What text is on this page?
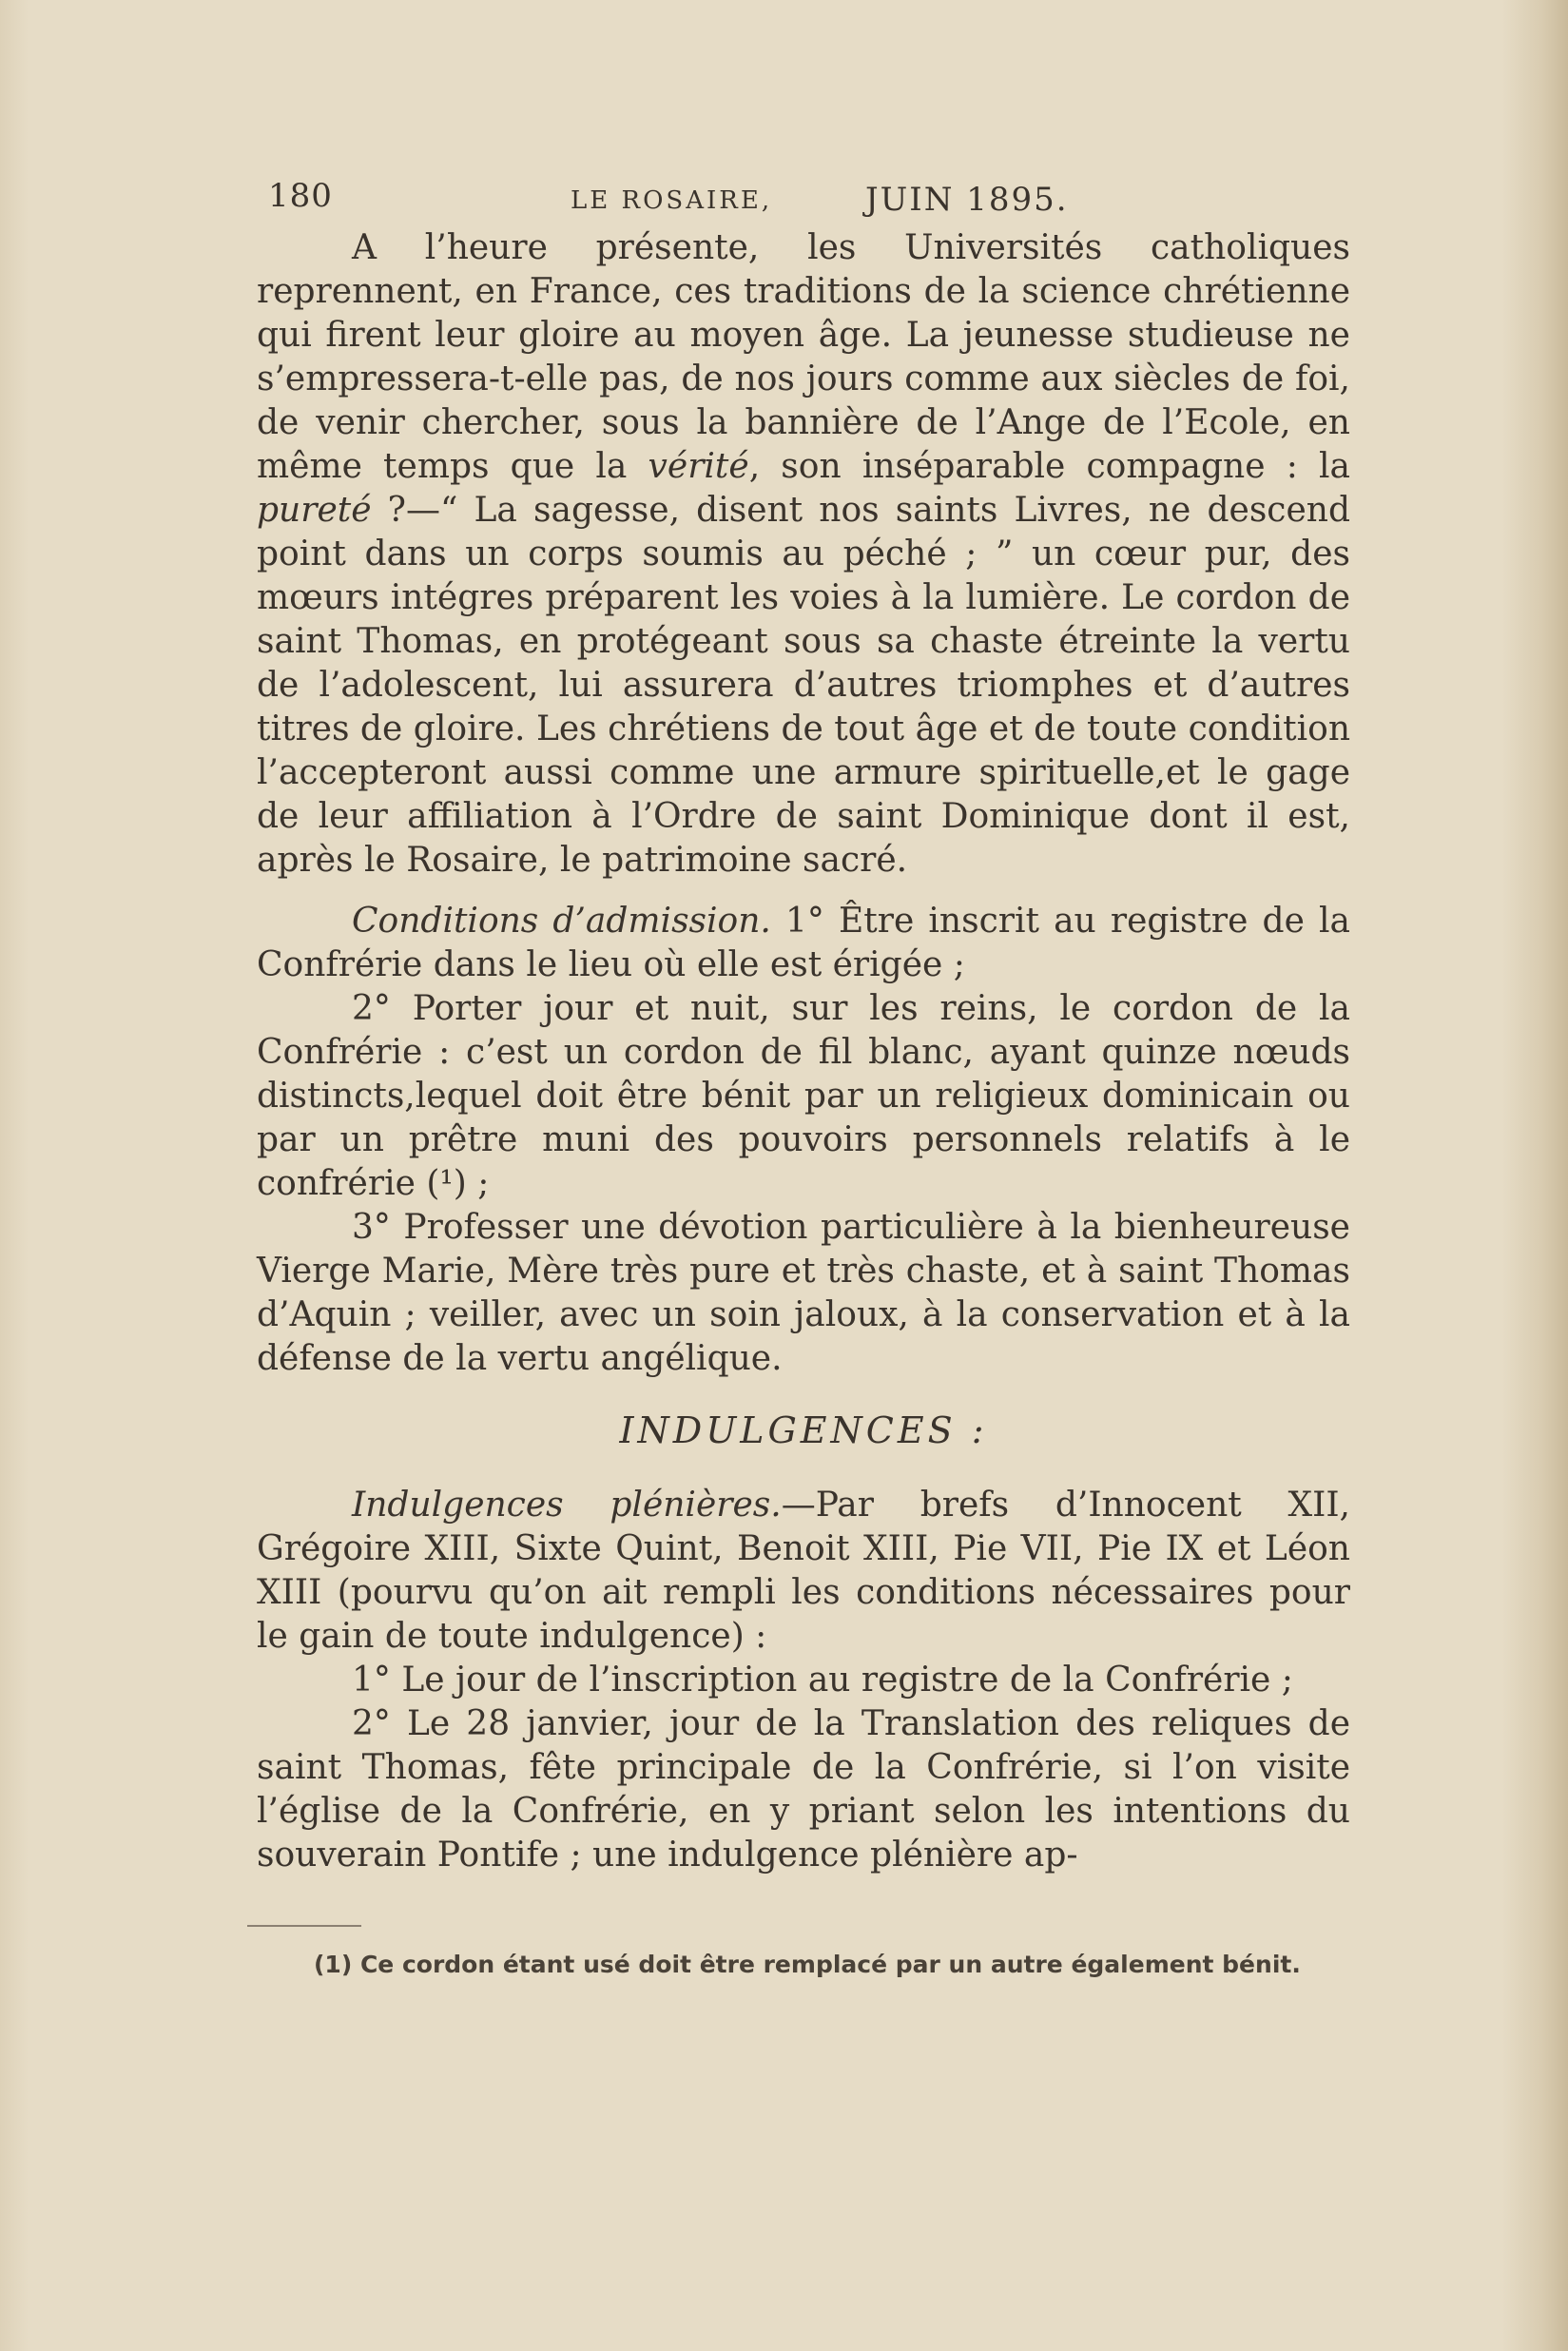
180	LE ROSAIRE,	JUIN 1895.

A l’heure présente, les Universités catholiques reprennent, en France, ces traditions de la science chrétienne qui firent leur gloire au moyen âge. La jeunesse studieuse ne s’empressera-t-elle pas, de nos jours comme aux siècles de foi, de venir chercher, sous la bannière de l’Ange de l’Ecole, en même temps que la vérité, son inséparable compagne : la pureté ?—“ La sagesse, disent nos saints Livres, ne descend point dans un corps soumis au péché ; ” un cœur pur, des mœurs intégres préparent les voies à la lumière. Le cordon de saint Thomas, en protégeant sous sa chaste étreinte la vertu de l’adolescent, lui assurera d’autres triomphes et d’autres titres de gloire. Les chrétiens de tout âge et de toute condition l’accepteront aussi comme une armure spirituelle,et le gage de leur affiliation à l’Ordre de saint Dominique dont il est, après le Rosaire, le patrimoine sacré.

Conditions d’admission. 1° Être inscrit au registre de la Confrérie dans le lieu où elle est érigée ;

2° Porter jour et nuit, sur les reins, le cordon de la Confrérie : c’est un cordon de fil blanc, ayant quinze nœuds distincts,lequel doit être bénit par un religieux dominicain ou par un prêtre muni des pouvoirs personnels relatifs à le confrérie (¹) ;

3° Professer une dévotion particulière à la bienheureuse Vierge Marie, Mère très pure et très chaste, et à saint Thomas d’Aquin ; veiller, avec un soin jaloux, à la conservation et à la défense de la vertu angélique.

INDULGENCES :

Indulgences plénières.—Par brefs d’Innocent XII, Grégoire XIII, Sixte Quint, Benoit XIII, Pie VII, Pie IX et Léon XIII (pourvu qu’on ait rempli les conditions nécessaires pour le gain de toute indulgence) :

1° Le jour de l’inscription au registre de la Confrérie ;

2° Le 28 janvier, jour de la Translation des reliques de saint Thomas, fête principale de la Confrérie, si l’on visite l’église de la Confrérie, en y priant selon les intentions du souverain Pontife ; une indulgence plénière ap-

(1) Ce cordon étant usé doit être remplacé par un autre également bénit.
